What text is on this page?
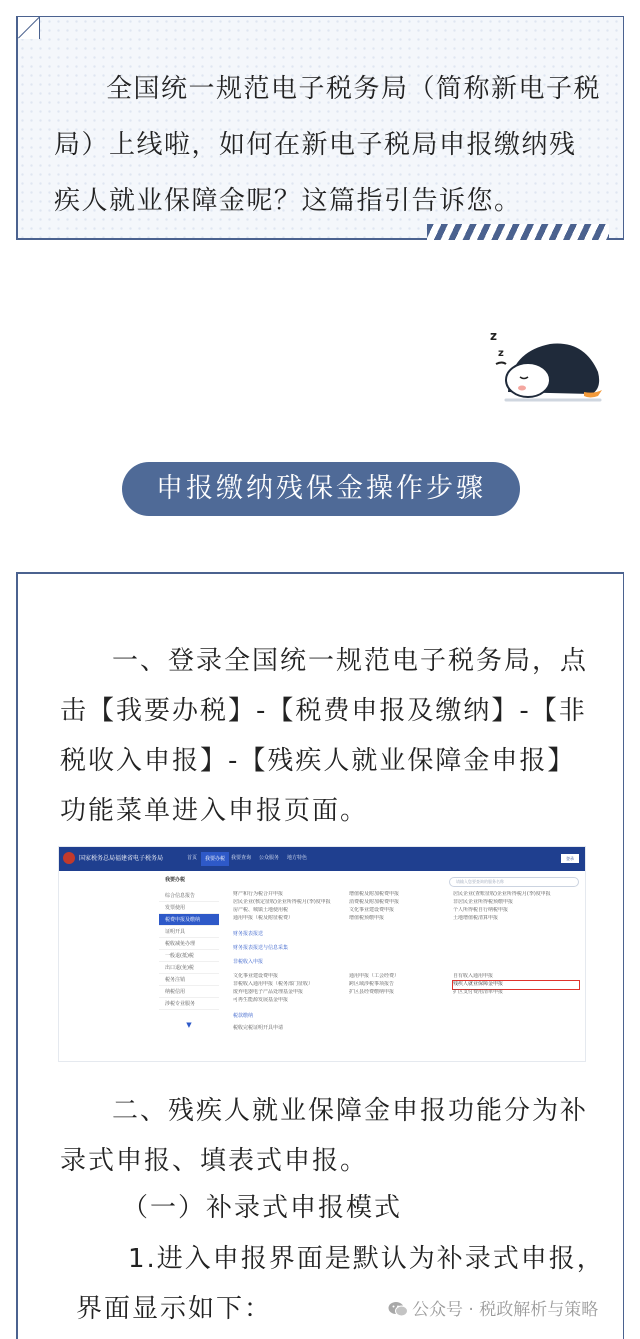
全国统一规范电子税务局（简称新电子税局）上线啦，如何在新电子税局申报缴纳残疾人就业保障金呢？这篇指引告诉您。

z
z
申报缴纳残保金操作步骤

一、登录全国统一规范电子税务局，点击【我要办税】-【税费申报及缴纳】-【非税收入申报】-【残疾人就业保障金申报】功能菜单进入申报页面。

国家税务总局福建省电子税务局	首页	我要办税	我要查询 公众服务 地方特色	登录
我要办税
综合信息报告
发票使用
税费申报及缴纳
证明开具
税收减免办理
一般退(抵)税
出口退(免)税
税务注销
纳税信用
涉税专业服务
▼
请输入您要查询的服务名称
财产和行为税合并申报	增值税及附加税费申报	居民企业(查账征收)企业所得税月(季)度申报
居民企业(核定征收)企业所得税月(季)度申报	消费税及附加税费申报	非居民企业所得税预缴申报
房产税、城镇土地使用税	文化事业建设费申报	个人所得税自行纳税申报
通用申报（税及附征税费）	增值税预缴申报	土地增值税清算申报
财务报表报送
财务报表报送与信息采集
非税收入申报
文化事业建设费申报	通用申报（工会经费）	自有收入通用申报
非税收入通用申报（税务部门征收）	跨区域涉税事项报告	残疾人就业保障金申报
废弃电器电子产品处理基金申报	扩区县经费缴纳申报	扩区支付费用清单申报
可再生能源发展基金申报
税款缴纳
税收完税证明开具申请

二、残疾人就业保障金申报功能分为补录式申报、填表式申报。

（一）补录式申报模式

1.进入申报界面是默认为补录式申报，

界面显示如下：	公众号 · 税政解析与策略
